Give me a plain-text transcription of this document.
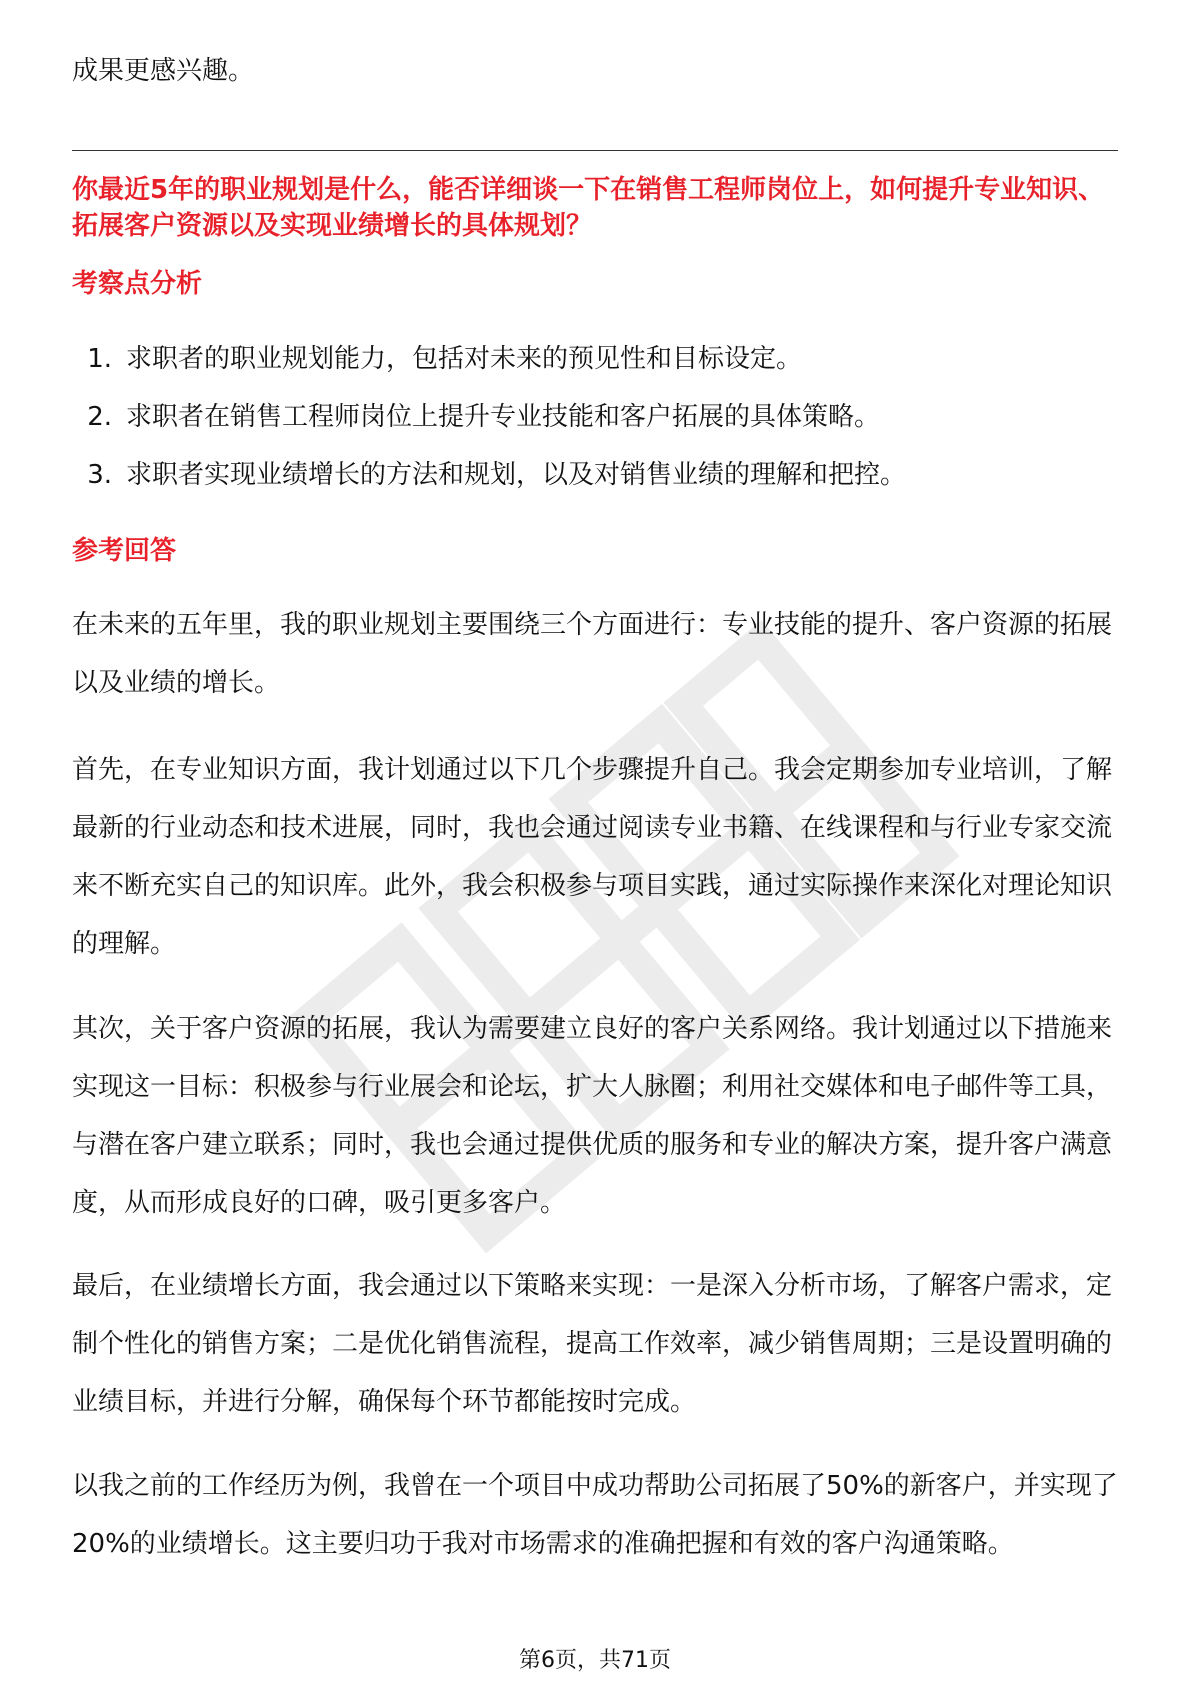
成果更感兴趣。

你最近5年的职业规划是什么，能否详细谈一下在销售工程师岗位上，如何提升专业知识、拓展客户资源以及实现业绩增长的具体规划？

考察点分析
1. 求职者的职业规划能力，包括对未来的预见性和目标设定。
2. 求职者在销售工程师岗位上提升专业技能和客户拓展的具体策略。
3. 求职者实现业绩增长的方法和规划，以及对销售业绩的理解和把控。
参考回答

在未来的五年里，我的职业规划主要围绕三个方面进行：专业技能的提升、客户资源的拓展以及业绩的增长。

首先，在专业知识方面，我计划通过以下几个步骤提升自己。我会定期参加专业培训，了解最新的行业动态和技术进展，同时，我也会通过阅读专业书籍、在线课程和与行业专家交流来不断充实自己的知识库。此外，我会积极参与项目实践，通过实际操作来深化对理论知识的理解。

其次，关于客户资源的拓展，我认为需要建立良好的客户关系网络。我计划通过以下措施来实现这一目标：积极参与行业展会和论坛，扩大人脉圈；利用社交媒体和电子邮件等工具，与潜在客户建立联系；同时，我也会通过提供优质的服务和专业的解决方案，提升客户满意度，从而形成良好的口碑，吸引更多客户。

最后，在业绩增长方面，我会通过以下策略来实现：一是深入分析市场，了解客户需求，定制个性化的销售方案；二是优化销售流程，提高工作效率，减少销售周期；三是设置明确的业绩目标，并进行分解，确保每个环节都能按时完成。

以我之前的工作经历为例，我曾在一个项目中成功帮助公司拓展了50%的新客户，并实现了20%的业绩增长。这主要归功于我对市场需求的准确把握和有效的客户沟通策略。

第6页，共71页
